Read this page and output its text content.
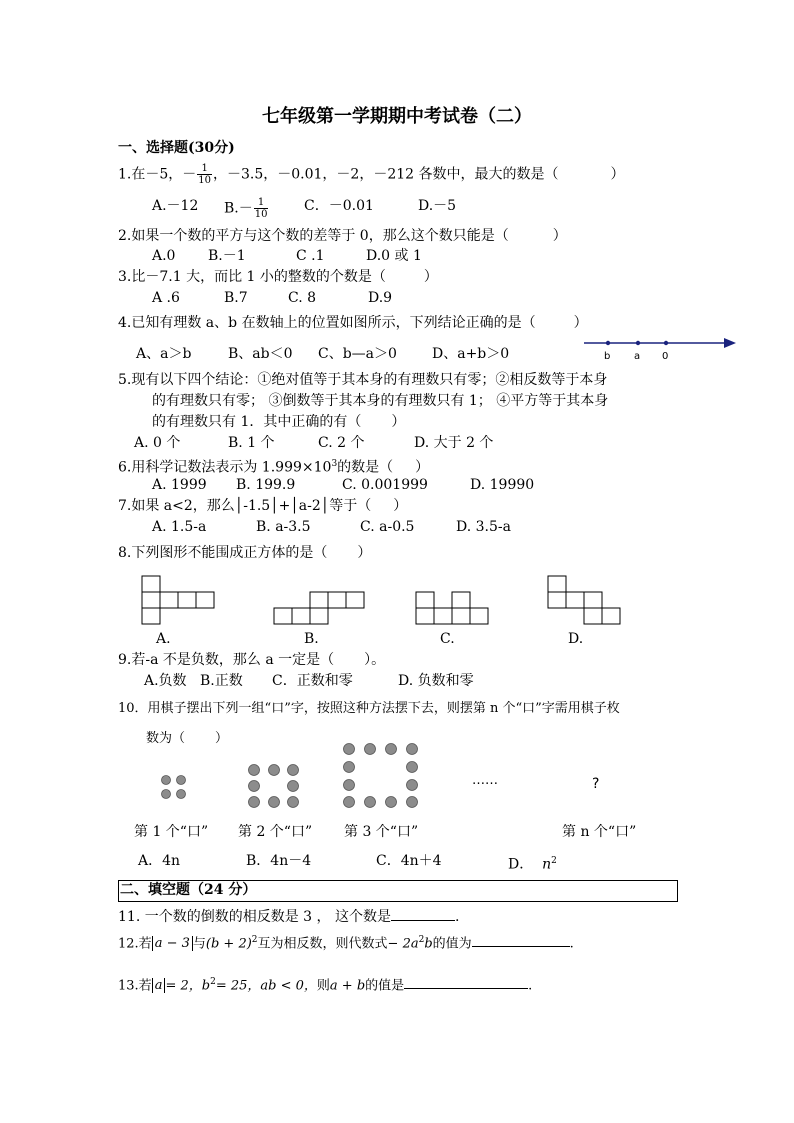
七年级第一学期期中考试卷（二）
一、选择题(30分)
1.在－5，－ $\frac{1}{10}$ ，－3.5，－0.01，－2，－212 各数中，最大的数是（	）
A.－12 $B.- \frac{1}{10}$	C．－0.01	D.－5
2.如果一个数的平方与这个数的差等于 0，那么这个数只能是（	）
A.0 B.－1	C .1	D.0 或 1
3.比－7.1 大，而比 1 小的整数的个数是（	）
A .6	B.7	C. 8	D.9
4.已知有理数 a、b 在数轴上的位置如图所示，下列结论正确的是（	）
A、a＞b	B、ab＜0 C、b—a＞0	D、a+b＞0	b a 0
5.现有以下四个结论：①绝对值等于其本身的有理数只有零；②相反数等于本身
的有理数只有零； ③倒数等于其本身的有理数只有 1； ④平方等于其本身
的有理数只有 1．其中正确的有（ ）
A. 0 个	B. 1 个	C. 2 个	D. 大于 2 个
6.用科学记数法表示为 $1.999\times 10^3$的数是（ ）
A. 1999 B. 199.9	C. 0.001999	D. 19990
7.如果 a<2，那么│-1.5│+│a-2│等于（ ）
A. 1.5-a	B. a-3.5	C. a-0.5	D. 3.5-a
8.下列图形不能围成正方体的是（ ）
A.	B.	C.	D.
9.若-a 不是负数，那么 a 一定是（ ）。
A.负数 B.正数 C．正数和零	D. 负数和零
10．用棋子摆出下列一组“口”字，按照这种方法摆下去，则摆第 n 个“口”字需用棋子枚
数为（ ）
……	?
第 1 个“口” 第 2 个“口” 第 3 个“口”	第 n 个“口”
A．4n	B．4n－4	C．4n＋4	D． $n^2$
二、填空题（24 分）
11. 一个数的倒数的相反数是 3 ， 这个数是	.
12.若 a − 3 与$(b + 2)^2$互为相反数，则代数式− $2a^2b$的值为	.
13.若 a = 2，$b^2= 25$，ab < 0，则a + b的值是	.
